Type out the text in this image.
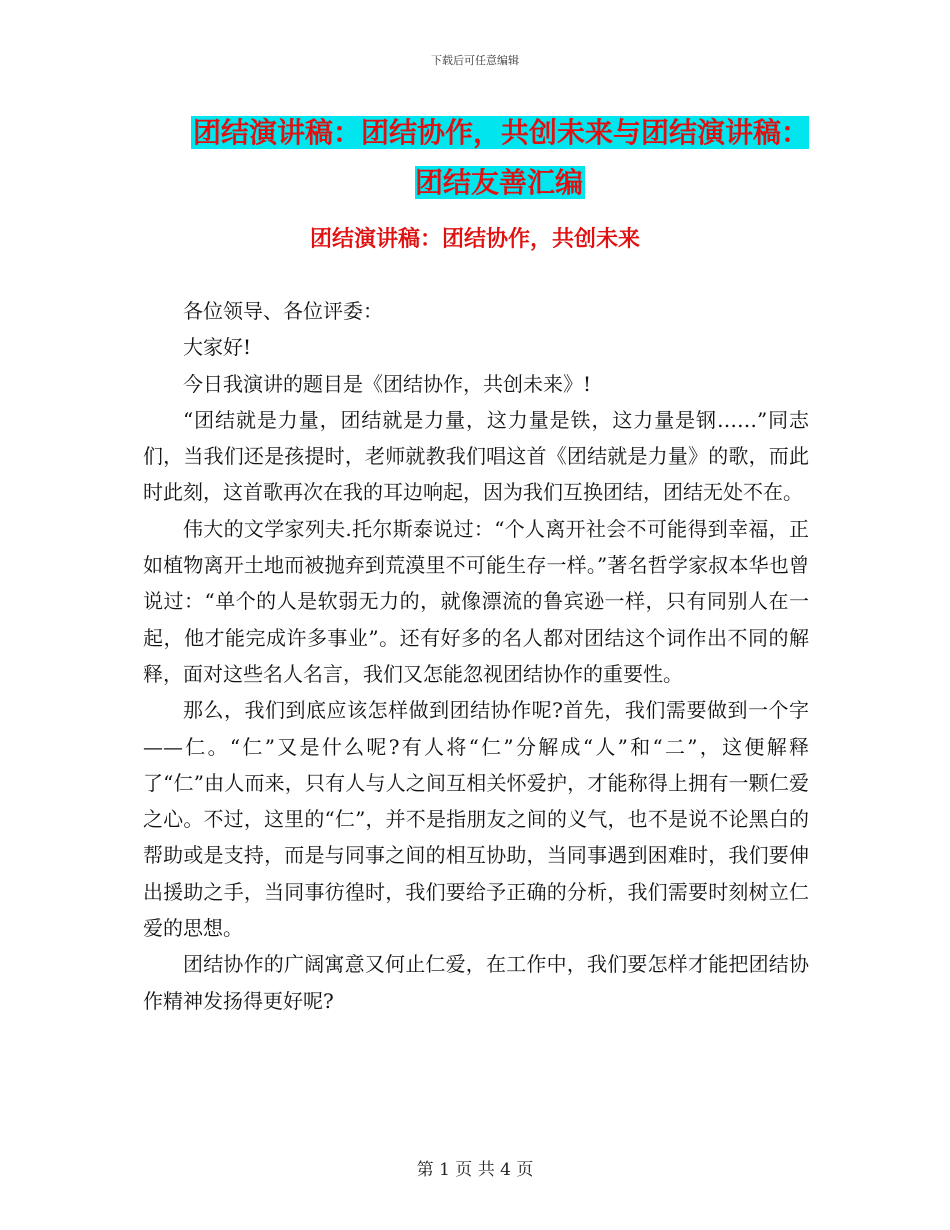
下载后可任意编辑
团结演讲稿：团结协作，共创未来与团结演讲稿：团结友善汇编
团结演讲稿：团结协作，共创未来

各位领导、各位评委：

大家好!

今日我演讲的题目是《团结协作，共创未来》!

“团结就是力量，团结就是力量，这力量是铁，这力量是钢……”同志们，当我们还是孩提时，老师就教我们唱这首《团结就是力量》的歌，而此时此刻，这首歌再次在我的耳边响起，因为我们互换团结，团结无处不在。

伟大的文学家列夫.托尔斯泰说过：“个人离开社会不可能得到幸福，正如植物离开土地而被抛弃到荒漠里不可能生存一样。”著名哲学家叔本华也曾说过：“单个的人是软弱无力的，就像漂流的鲁宾逊一样，只有同别人在一起，他才能完成许多事业”。还有好多的名人都对团结这个词作出不同的解释，面对这些名人名言，我们又怎能忽视团结协作的重要性。

那么，我们到底应该怎样做到团结协作呢?首先，我们需要做到一个字——仁。“仁”又是什么呢?有人将“仁”分解成“人”和“二”，这便解释了“仁”由人而来，只有人与人之间互相关怀爱护，才能称得上拥有一颗仁爱之心。不过，这里的“仁”，并不是指朋友之间的义气，也不是说不论黑白的帮助或是支持，而是与同事之间的相互协助，当同事遇到困难时，我们要伸出援助之手，当同事彷徨时，我们要给予正确的分析，我们需要时刻树立仁爱的思想。

团结协作的广阔寓意又何止仁爱，在工作中，我们要怎样才能把团结协作精神发扬得更好呢?

第 1 页 共 4 页
